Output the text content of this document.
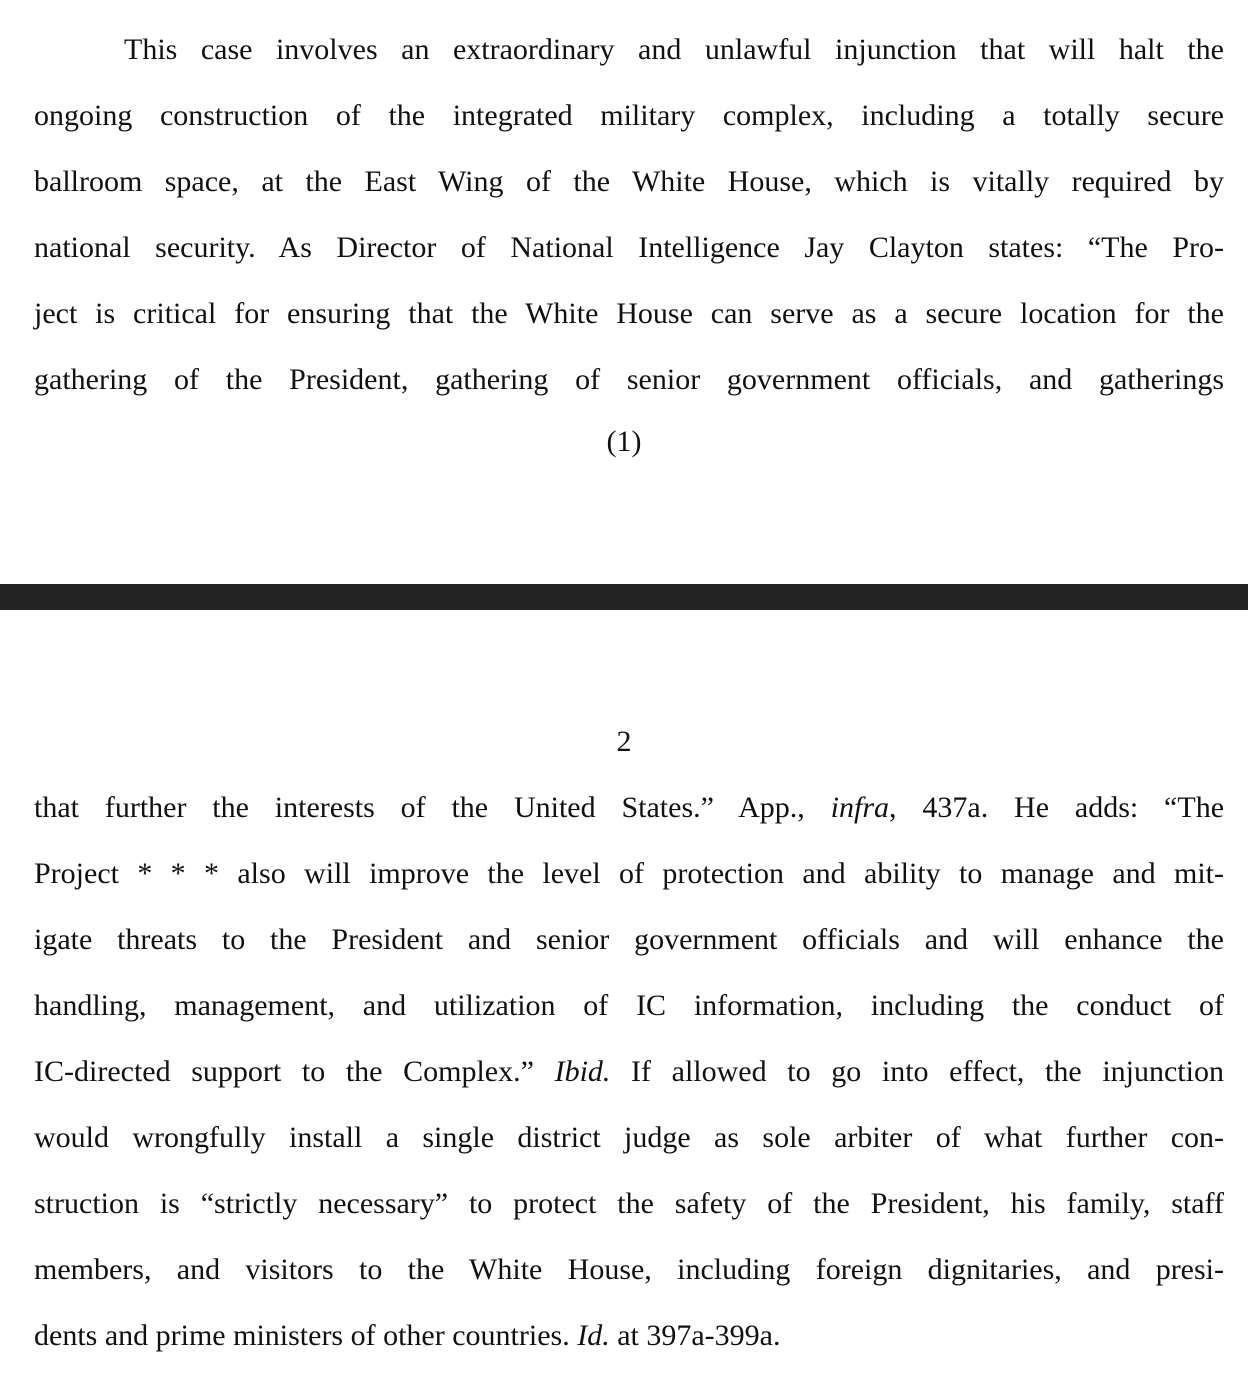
This case involves an extraordinary and unlawful injunction that will halt the
ongoing construction of the integrated military complex, including a totally secure
ballroom space, at the East Wing of the White House, which is vitally required by
national security. As Director of National Intelligence Jay Clayton states: “The Pro-
ject is critical for ensuring that the White House can serve as a secure location for the
gathering of the President, gathering of senior government officials, and gatherings
(1)
2
that further the interests of the United States.” App., infra, 437a. He adds: “The
Project * * * also will improve the level of protection and ability to manage and mit-
igate threats to the President and senior government officials and will enhance the
handling, management, and utilization of IC information, including the conduct of
IC-directed support to the Complex.” Ibid. If allowed to go into effect, the injunction
would wrongfully install a single district judge as sole arbiter of what further con-
struction is “strictly necessary” to protect the safety of the President, his family, staff
members, and visitors to the White House, including foreign dignitaries, and presi-
dents and prime ministers of other countries. Id. at 397a-399a.
